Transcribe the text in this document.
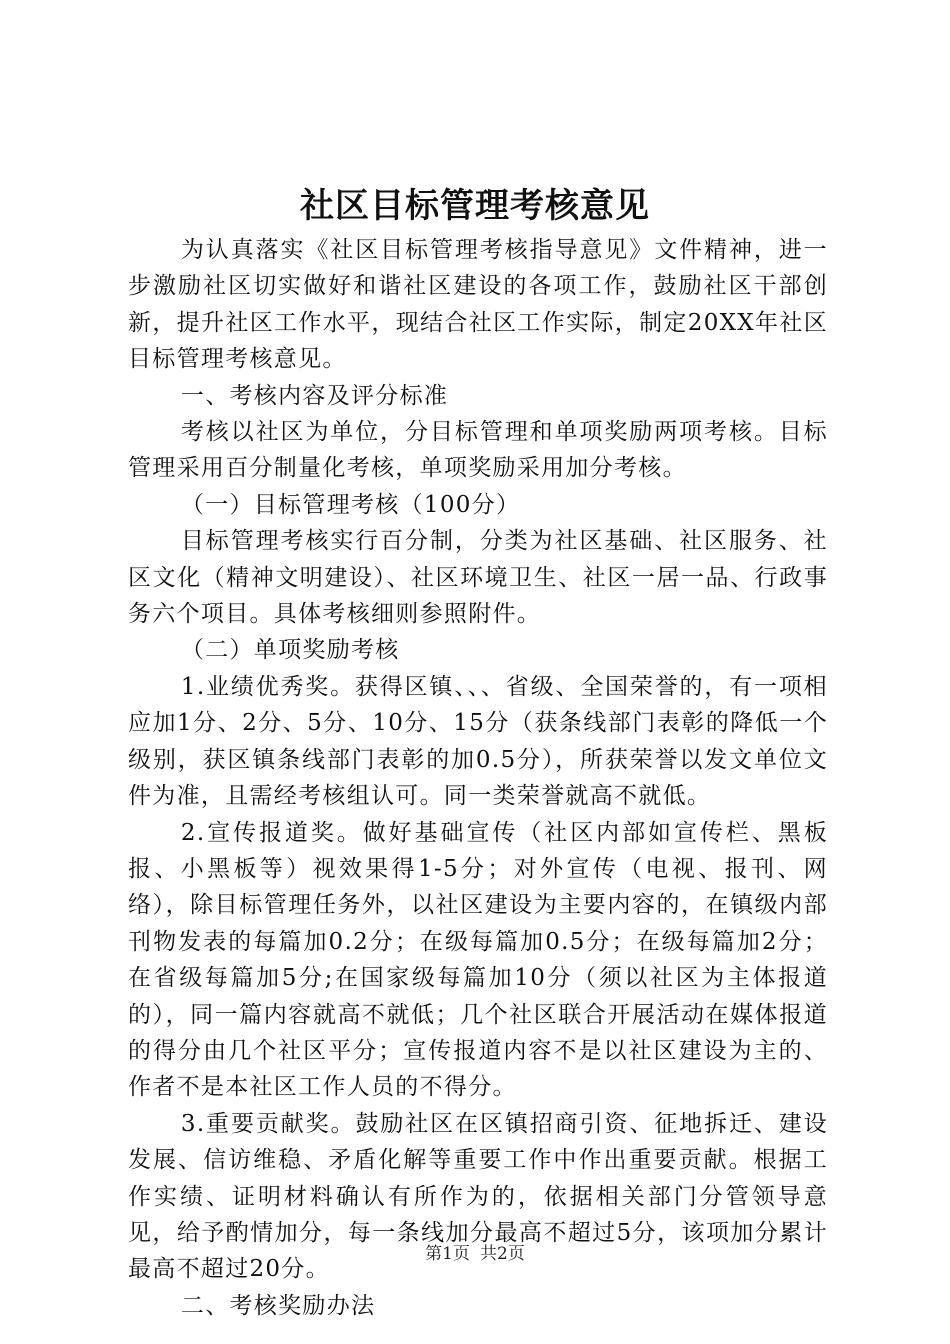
社区目标管理考核意见

为认真落实《社区目标管理考核指导意见》文件精神，进一步激励社区切实做好和谐社区建设的各项工作，鼓励社区干部创新，提升社区工作水平，现结合社区工作实际，制定20XX年社区目标管理考核意见。

一、考核内容及评分标准

考核以社区为单位，分目标管理和单项奖励两项考核。目标管理采用百分制量化考核，单项奖励采用加分考核。

（一）目标管理考核（100分）

目标管理考核实行百分制，分类为社区基础、社区服务、社区文化（精神文明建设）、社区环境卫生、社区一居一品、行政事务六个项目。具体考核细则参照附件。

（二）单项奖励考核

1.业绩优秀奖。获得区镇、、、省级、全国荣誉的，有一项相应加1分、2分、5分、10分、15分（获条线部门表彰的降低一个级别，获区镇条线部门表彰的加0.5分），所获荣誉以发文单位文件为准，且需经考核组认可。同一类荣誉就高不就低。

2.宣传报道奖。做好基础宣传（社区内部如宣传栏、黑板报、小黑板等）视效果得1-5分；对外宣传（电视、报刊、网络），除目标管理任务外，以社区建设为主要内容的，在镇级内部刊物发表的每篇加0.2分；在级每篇加0.5分；在级每篇加2分；在省级每篇加5分;在国家级每篇加10分（须以社区为主体报道的），同一篇内容就高不就低；几个社区联合开展活动在媒体报道的得分由几个社区平分；宣传报道内容不是以社区建设为主的、作者不是本社区工作人员的不得分。

3.重要贡献奖。鼓励社区在区镇招商引资、征地拆迁、建设发展、信访维稳、矛盾化解等重要工作中作出重要贡献。根据工作实绩、证明材料确认有所作为的，依据相关部门分管领导意见，给予酌情加分，每一条线加分最高不超过5分，该项加分累计最高不超过20分。

二、考核奖励办法

第1页 共2页
